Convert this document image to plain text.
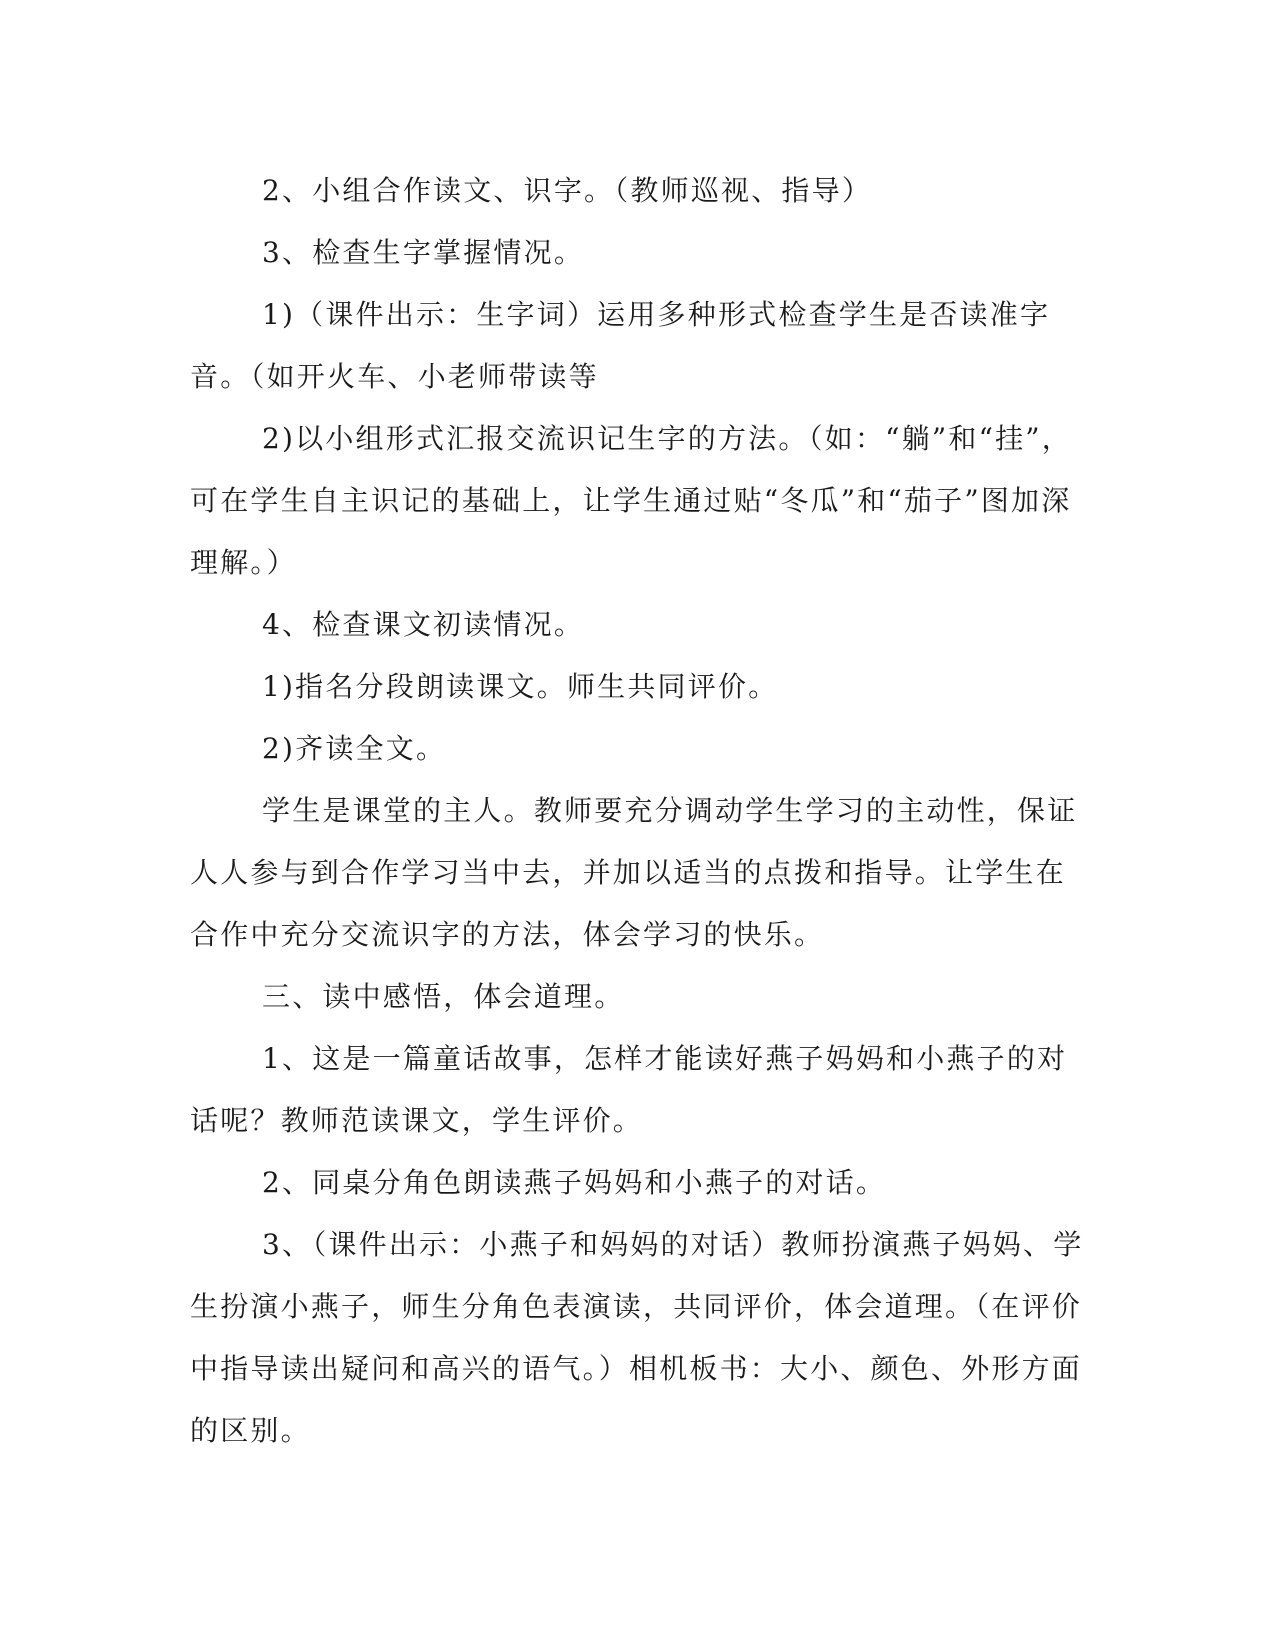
2、小组合作读文、识字。（教师巡视、指导）

3、检查生字掌握情况。

1)（课件出示：生字词）运用多种形式检查学生是否读准字音。（如开火车、小老师带读等

2)以小组形式汇报交流识记生字的方法。（如：“躺”和“挂”，可在学生自主识记的基础上，让学生通过贴“冬瓜”和“茄子”图加深理解。）

4、检查课文初读情况。

1)指名分段朗读课文。师生共同评价。

2)齐读全文。

学生是课堂的主人。教师要充分调动学生学习的主动性，保证人人参与到合作学习当中去，并加以适当的点拨和指导。让学生在合作中充分交流识字的方法，体会学习的快乐。

三、读中感悟，体会道理。

1、这是一篇童话故事，怎样才能读好燕子妈妈和小燕子的对话呢？教师范读课文，学生评价。

2、同桌分角色朗读燕子妈妈和小燕子的对话。

3、（课件出示：小燕子和妈妈的对话）教师扮演燕子妈妈、学生扮演小燕子，师生分角色表演读，共同评价，体会道理。（在评价中指导读出疑问和高兴的语气。）相机板书：大小、颜色、外形方面的区别。
